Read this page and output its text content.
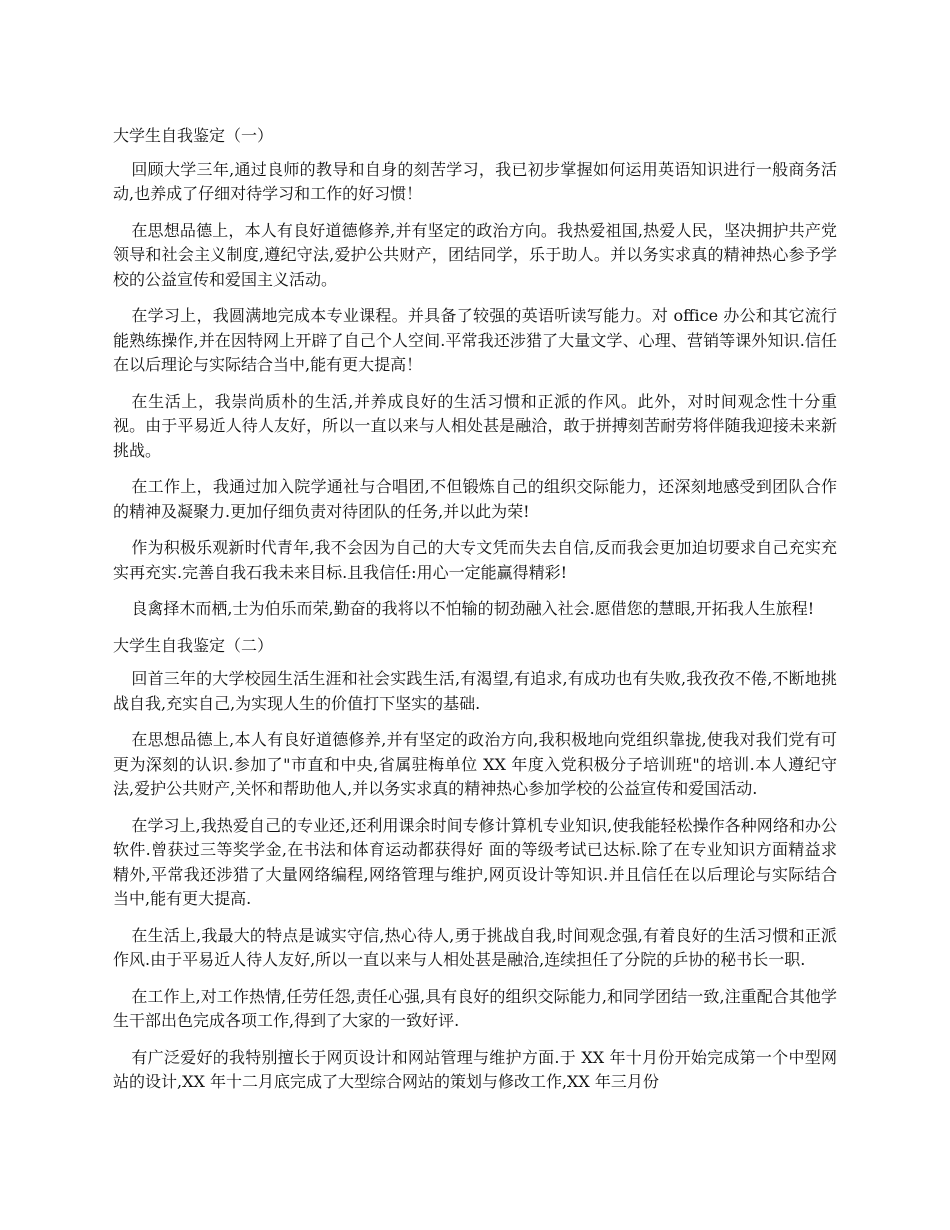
大学生自我鉴定（一）

回顾大学三年,通过良师的教导和自身的刻苦学习，我已初步掌握如何运用英语知识进行一般商务活动,也养成了仔细对待学习和工作的好习惯！

在思想品德上，本人有良好道德修养,并有坚定的政治方向。我热爱祖国,热爱人民，坚决拥护共产党领导和社会主义制度,遵纪守法,爱护公共财产，团结同学，乐于助人。并以务实求真的精神热心参予学校的公益宣传和爱国主义活动。

在学习上，我圆满地完成本专业课程。并具备了较强的英语听读写能力。对 office 办公和其它流行能熟练操作,并在因特网上开辟了自己个人空间.平常我还涉猎了大量文学、心理、营销等课外知识.信任在以后理论与实际结合当中,能有更大提高！

在生活上，我崇尚质朴的生活,并养成良好的生活习惯和正派的作风。此外，对时间观念性十分重视。由于平易近人待人友好，所以一直以来与人相处甚是融洽，敢于拼搏刻苦耐劳将伴随我迎接未来新挑战。

在工作上，我通过加入院学通社与合唱团,不但锻炼自己的组织交际能力，还深刻地感受到团队合作的精神及凝聚力.更加仔细负责对待团队的任务,并以此为荣!

作为积极乐观新时代青年,我不会因为自己的大专文凭而失去自信,反而我会更加迫切要求自己充实充实再充实.完善自我石我未来目标.且我信任:用心一定能赢得精彩!

良禽择木而栖,士为伯乐而荣,勤奋的我将以不怕输的韧劲融入社会.愿借您的慧眼,开拓我人生旅程!

大学生自我鉴定（二）

回首三年的大学校园生活生涯和社会实践生活,有渴望,有追求,有成功也有失败,我孜孜不倦,不断地挑战自我,充实自己,为实现人生的价值打下坚实的基础.

在思想品德上,本人有良好道德修养,并有坚定的政治方向,我积极地向党组织靠拢,使我对我们党有可更为深刻的认识.参加了"市直和中央,省属驻梅单位 XX 年度入党积极分子培训班"的培训.本人遵纪守法,爱护公共财产,关怀和帮助他人,并以务实求真的精神热心参加学校的公益宣传和爱国活动.

在学习上,我热爱自己的专业还,还利用课余时间专修计算机专业知识,使我能轻松操作各种网络和办公软件.曾获过三等奖学金,在书法和体育运动都获得好 面的等级考试已达标.除了在专业知识方面精益求精外,平常我还涉猎了大量网络编程,网络管理与维护,网页设计等知识.并且信任在以后理论与实际结合当中,能有更大提高.

在生活上,我最大的特点是诚实守信,热心待人,勇于挑战自我,时间观念强,有着良好的生活习惯和正派作风.由于平易近人待人友好,所以一直以来与人相处甚是融洽,连续担任了分院的乒协的秘书长一职.

在工作上,对工作热情,任劳任怨,责任心强,具有良好的组织交际能力,和同学团结一致,注重配合其他学生干部出色完成各项工作,得到了大家的一致好评.

有广泛爱好的我特别擅长于网页设计和网站管理与维护方面.于 XX 年十月份开始完成第一个中型网站的设计,XX 年十二月底完成了大型综合网站的策划与修改工作,XX 年三月份
